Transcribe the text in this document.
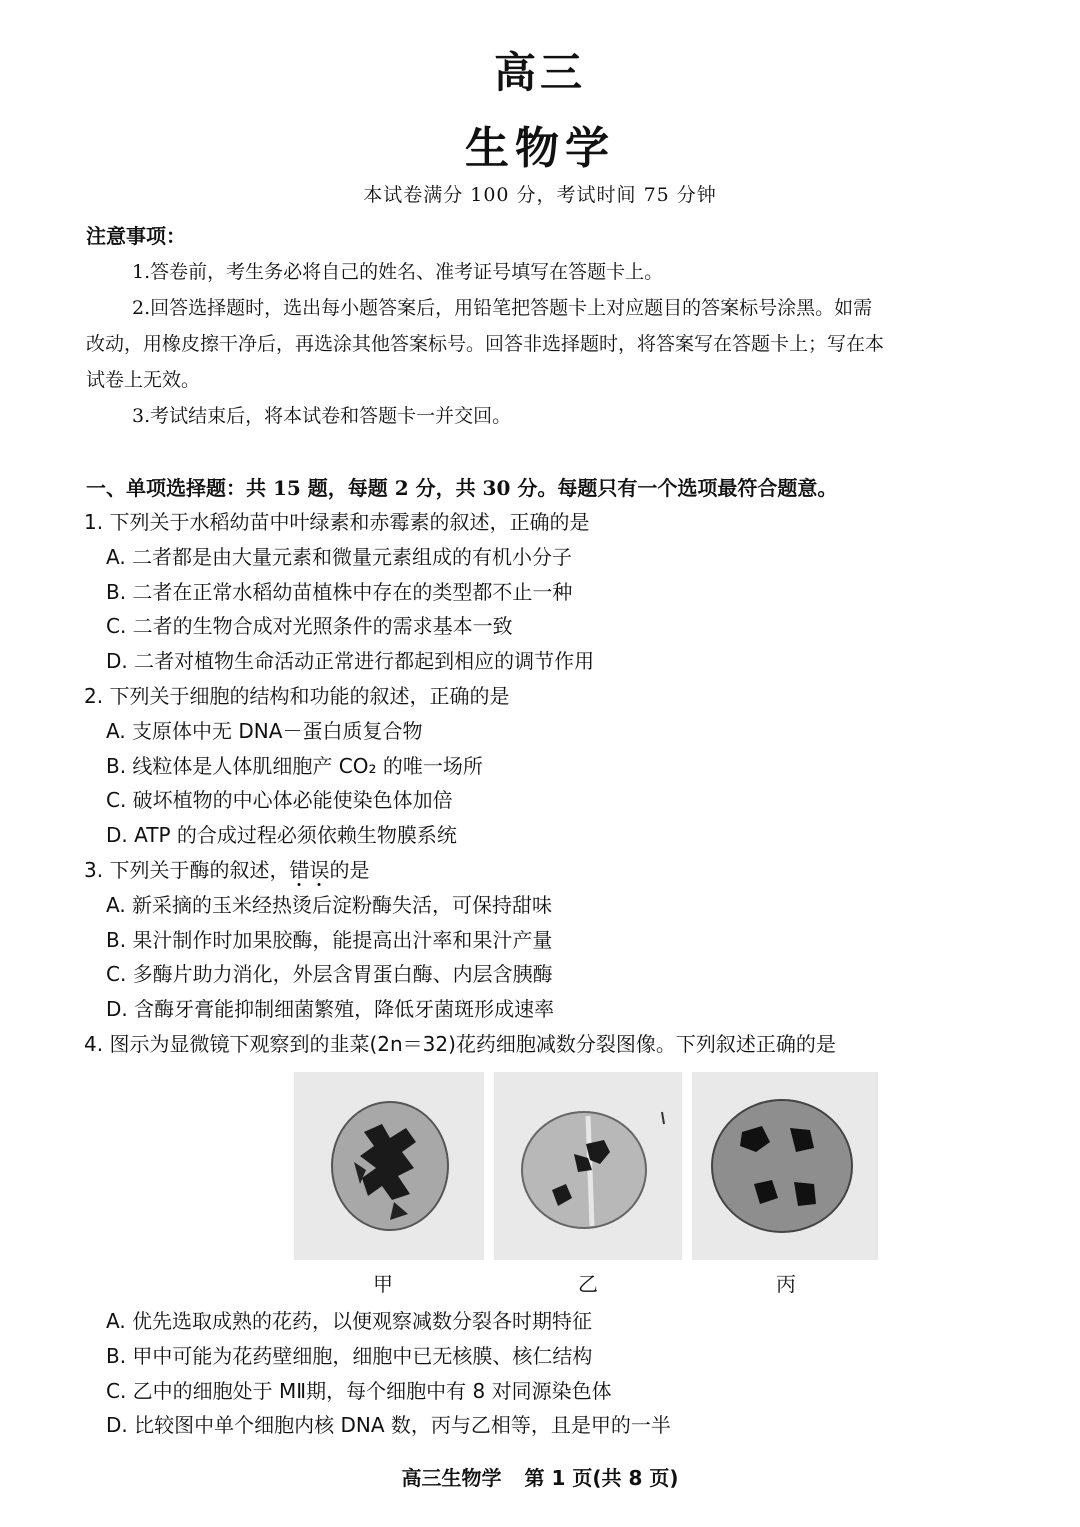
高三
生物学
本试卷满分 100 分，考试时间 75 分钟

注意事项：

1.答卷前，考生务必将自己的姓名、准考证号填写在答题卡上。

2.回答选择题时，选出每小题答案后，用铅笔把答题卡上对应题目的答案标号涂黑。如需

改动，用橡皮擦干净后，再选涂其他答案标号。回答非选择题时，将答案写在答题卡上；写在本

试卷上无效。

3.考试结束后，将本试卷和答题卡一并交回。

一、单项选择题：共 15 题，每题 2 分，共 30 分。每题只有一个选项最符合题意。

1. 下列关于水稻幼苗中叶绿素和赤霉素的叙述，正确的是

A. 二者都是由大量元素和微量元素组成的有机小分子

B. 二者在正常水稻幼苗植株中存在的类型都不止一种

C. 二者的生物合成对光照条件的需求基本一致

D. 二者对植物生命活动正常进行都起到相应的调节作用

2. 下列关于细胞的结构和功能的叙述，正确的是

A. 支原体中无 DNA－蛋白质复合物

B. 线粒体是人体肌细胞产 CO₂ 的唯一场所

C. 破坏植物的中心体必能使染色体加倍

D. ATP 的合成过程必须依赖生物膜系统

3. 下列关于酶的叙述，错误的是

A. 新采摘的玉米经热烫后淀粉酶失活，可保持甜味

B. 果汁制作时加果胶酶，能提高出汁率和果汁产量

C. 多酶片助力消化，外层含胃蛋白酶、内层含胰酶

D. 含酶牙膏能抑制细菌繁殖，降低牙菌斑形成速率

4. 图示为显微镜下观察到的韭菜(2n＝32)花药细胞减数分裂图像。下列叙述正确的是

甲	乙	丙

A. 优先选取成熟的花药，以便观察减数分裂各时期特征

B. 甲中可能为花药壁细胞，细胞中已无核膜、核仁结构

C. 乙中的细胞处于 MⅡ期，每个细胞中有 8 对同源染色体

D. 比较图中单个细胞内核 DNA 数，丙与乙相等，且是甲的一半

高三生物学 第 1 页(共 8 页)
